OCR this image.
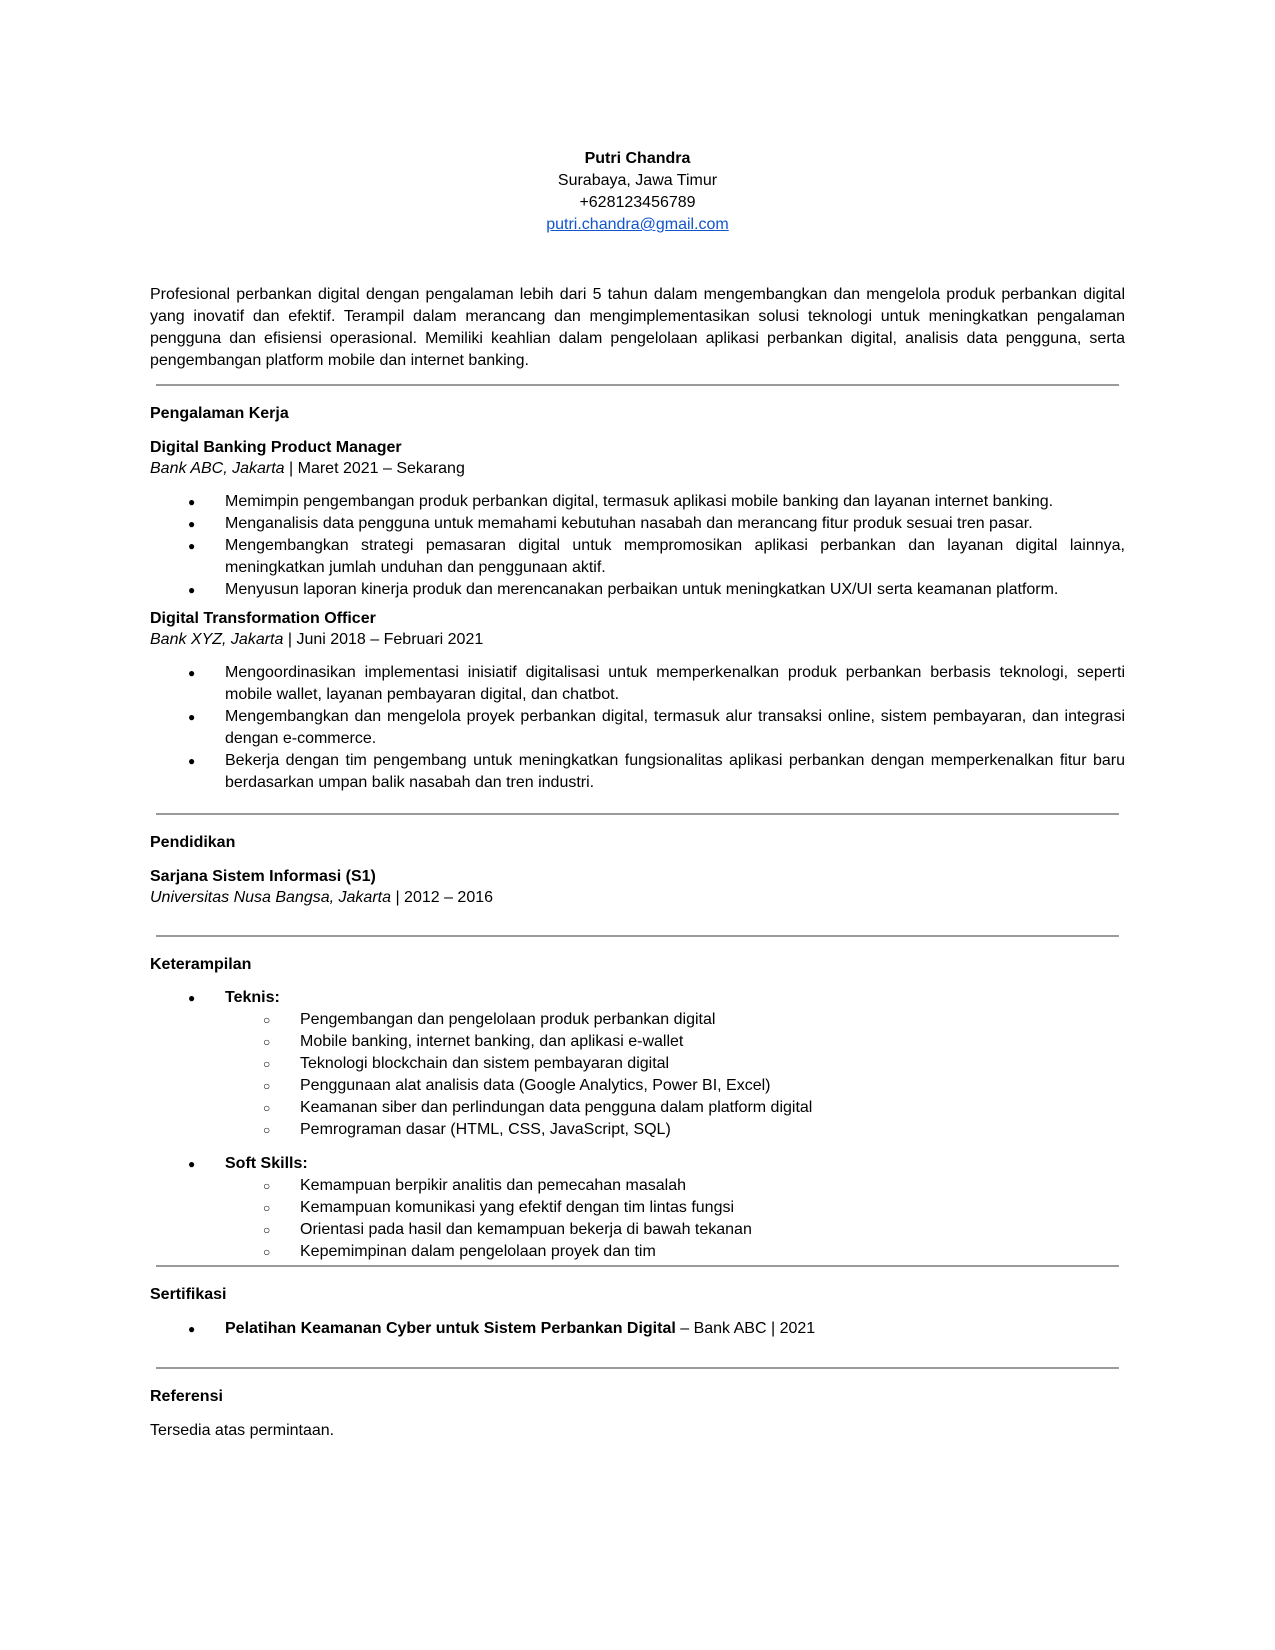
Putri Chandra
Surabaya, Jawa Timur
+628123456789
putri.chandra@gmail.com
Profesional perbankan digital dengan pengalaman lebih dari 5 tahun dalam mengembangkan dan mengelola produk perbankan digital yang inovatif dan efektif. Terampil dalam merancang dan mengimplementasikan solusi teknologi untuk meningkatkan pengalaman pengguna dan efisiensi operasional. Memiliki keahlian dalam pengelolaan aplikasi perbankan digital, analisis data pengguna, serta pengembangan platform mobile dan internet banking.
Pengalaman Kerja
Digital Banking Product Manager
Bank ABC, Jakarta | Maret 2021 – Sekarang
● Memimpin pengembangan produk perbankan digital, termasuk aplikasi mobile banking dan layanan internet banking.
● Menganalisis data pengguna untuk memahami kebutuhan nasabah dan merancang fitur produk sesuai tren pasar.
● Mengembangkan strategi pemasaran digital untuk mempromosikan aplikasi perbankan dan layanan digital lainnya, meningkatkan jumlah unduhan dan penggunaan aktif.
● Menyusun laporan kinerja produk dan merencanakan perbaikan untuk meningkatkan UX/UI serta keamanan platform.
Digital Transformation Officer
Bank XYZ, Jakarta | Juni 2018 – Februari 2021
● Mengoordinasikan implementasi inisiatif digitalisasi untuk memperkenalkan produk perbankan berbasis teknologi, seperti mobile wallet, layanan pembayaran digital, dan chatbot.
● Mengembangkan dan mengelola proyek perbankan digital, termasuk alur transaksi online, sistem pembayaran, dan integrasi dengan e-commerce.
● Bekerja dengan tim pengembang untuk meningkatkan fungsionalitas aplikasi perbankan dengan memperkenalkan fitur baru berdasarkan umpan balik nasabah dan tren industri.
Pendidikan
Sarjana Sistem Informasi (S1)
Universitas Nusa Bangsa, Jakarta | 2012 – 2016
Keterampilan
● Teknis:
○ Pengembangan dan pengelolaan produk perbankan digital
○ Mobile banking, internet banking, dan aplikasi e-wallet
○ Teknologi blockchain dan sistem pembayaran digital
○ Penggunaan alat analisis data (Google Analytics, Power BI, Excel)
○ Keamanan siber dan perlindungan data pengguna dalam platform digital
○ Pemrograman dasar (HTML, CSS, JavaScript, SQL)
● Soft Skills:
○ Kemampuan berpikir analitis dan pemecahan masalah
○ Kemampuan komunikasi yang efektif dengan tim lintas fungsi
○ Orientasi pada hasil dan kemampuan bekerja di bawah tekanan
○ Kepemimpinan dalam pengelolaan proyek dan tim
Sertifikasi
● Pelatihan Keamanan Cyber untuk Sistem Perbankan Digital – Bank ABC | 2021
Referensi
Tersedia atas permintaan.
